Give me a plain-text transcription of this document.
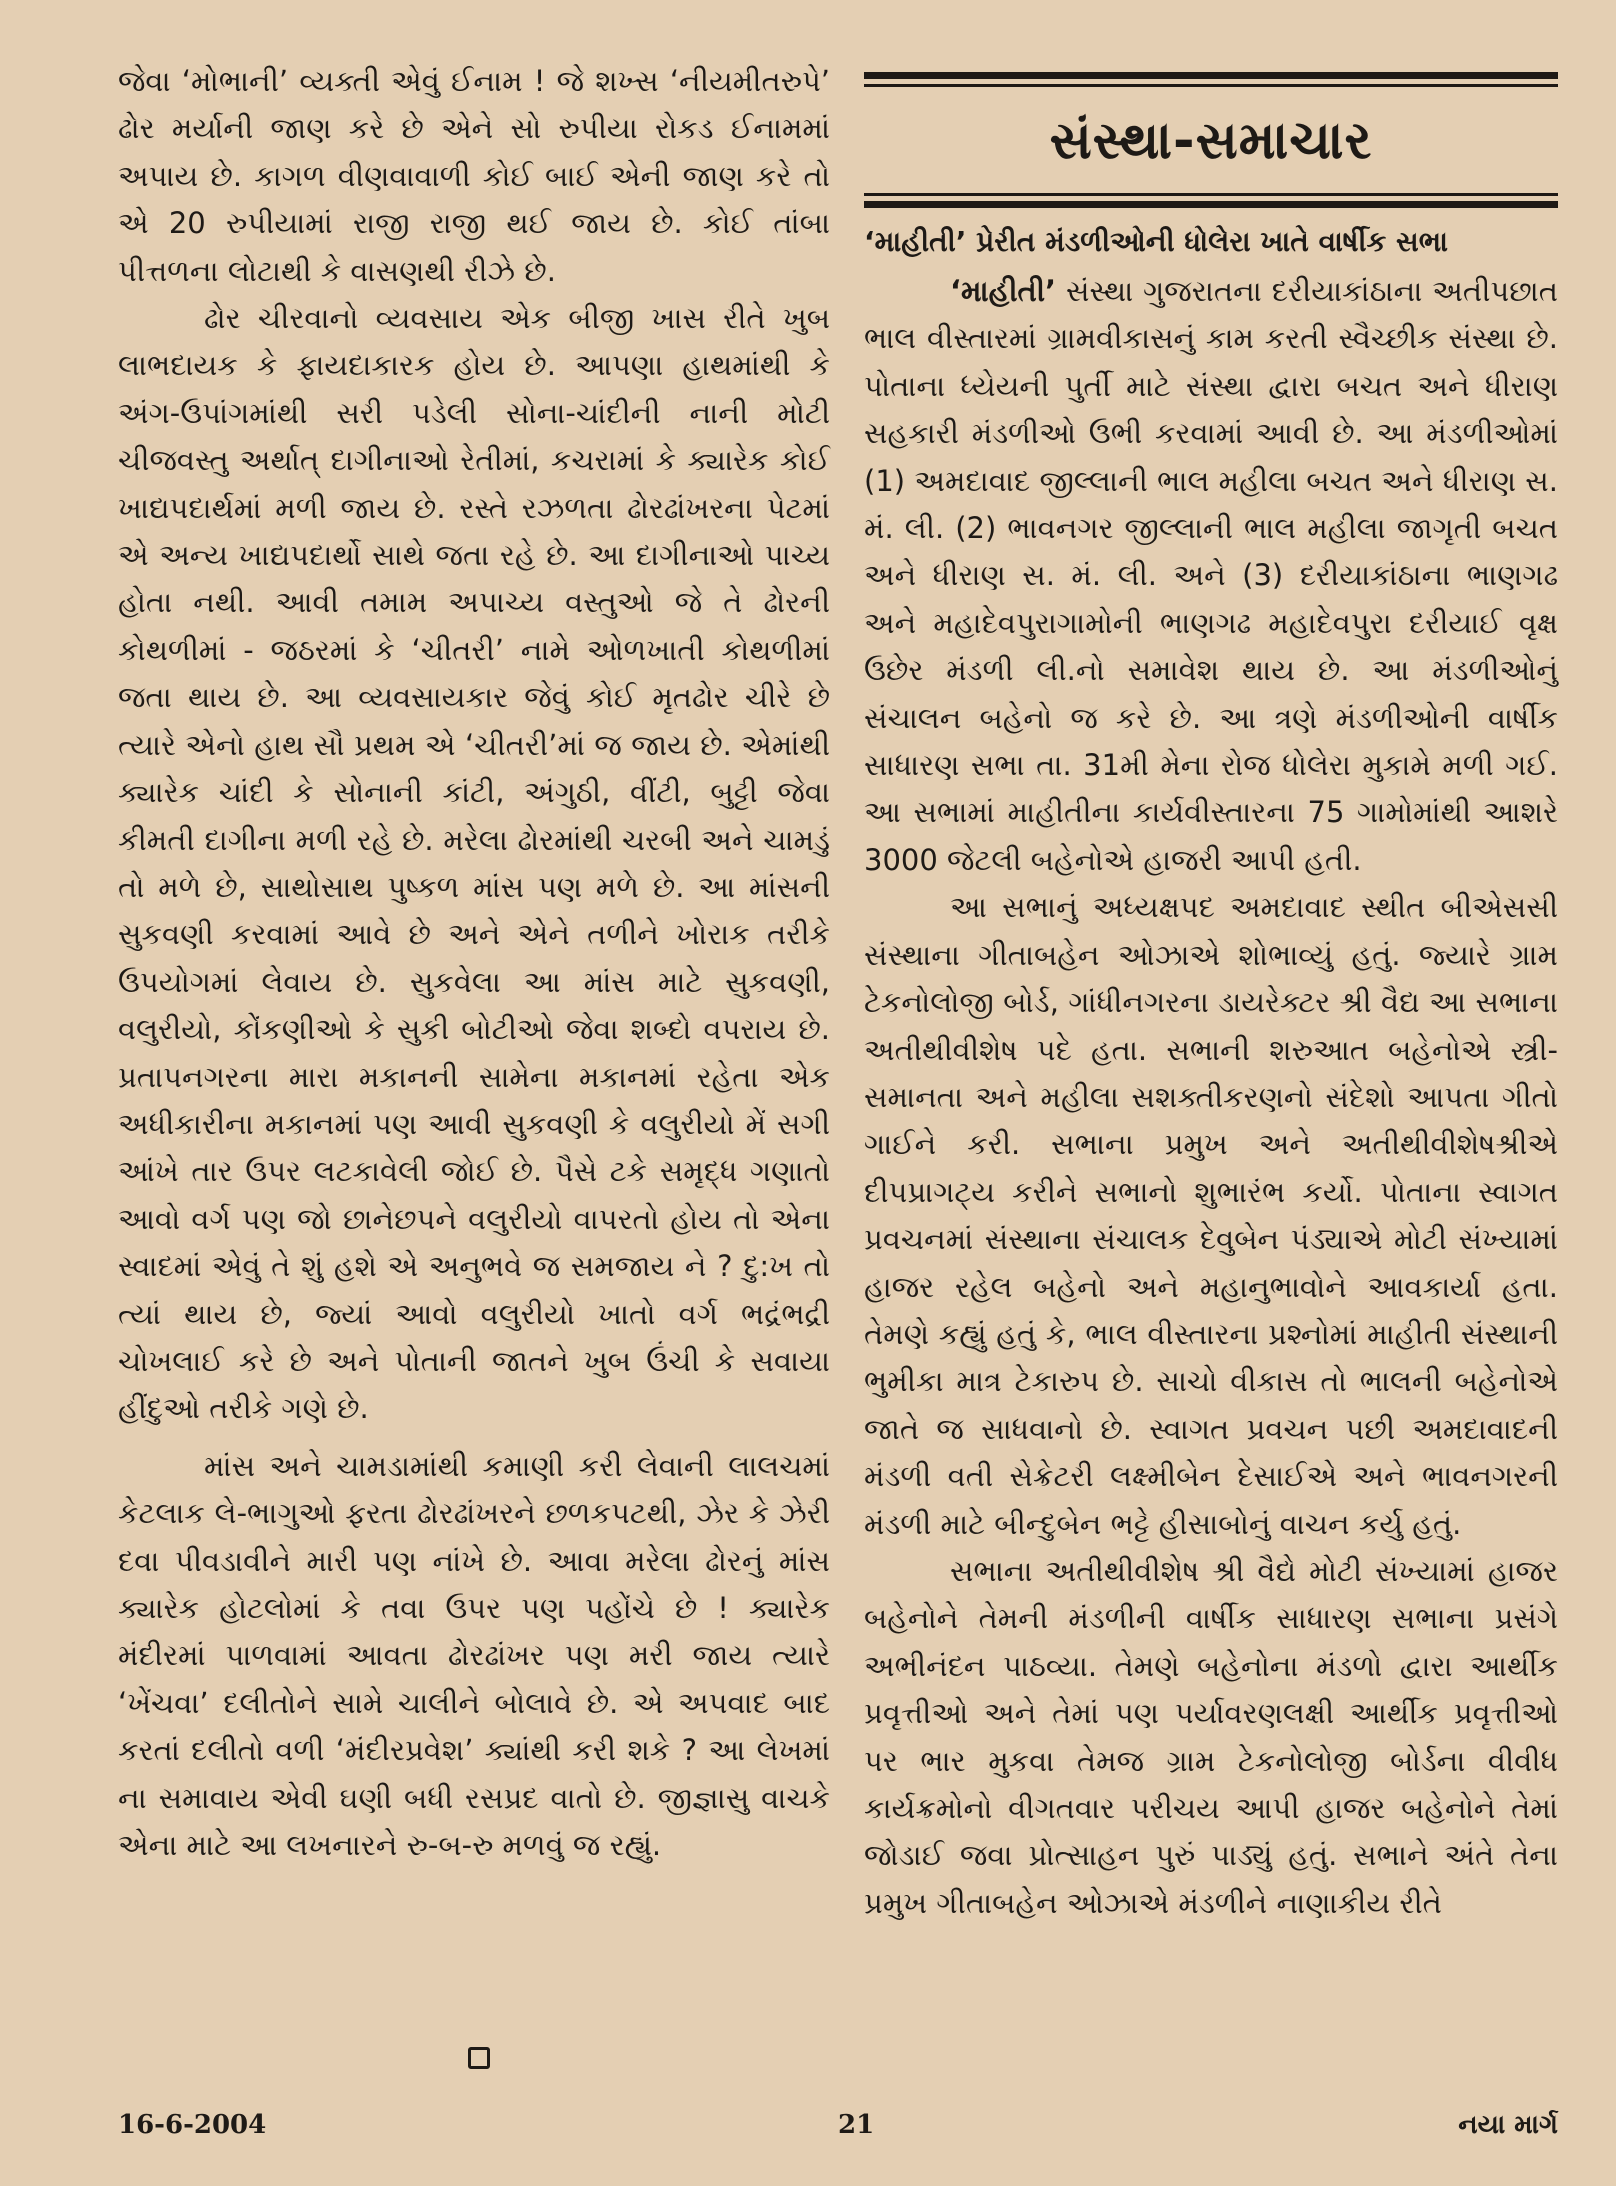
જેવા ‘મોભાની’ વ્યક્તી એવું ઈનામ ! જે શખ્સ ‘નીયમીતરુપે’ ઢોર મર્યાની જાણ કરે છે એને સો રુપીયા રોકડ ઈનામમાં અપાય છે. કાગળ વીણવાવાળી કોઈ બાઈ એની જાણ કરે તો એ 20 રુપીયામાં રાજી રાજી થઈ જાય છે. કોઈ તાંબા પીત્તળના લોટાથી કે વાસણથી રીઝે છે.

ઢોર ચીરવાનો વ્યવસાય એક બીજી ખાસ રીતે ખુબ લાભદાયક કે ફાયદાકારક હોય છે. આપણા હાથમાંથી કે અંગ-ઉપાંગમાંથી સરી પડેલી સોના-ચાંદીની નાની મોટી ચીજવસ્તુ અર્થાત્ દાગીનાઓ રેતીમાં, કચરામાં કે ક્યારેક કોઈ ખાદ્યપદાર્થમાં મળી જાય છે. રસ્તે રઝળતા ઢોરઢાંખરના પેટમાં એ અન્ય ખાદ્યપદાર્થો સાથે જતા રહે છે. આ દાગીનાઓ પાચ્ય હોતા નથી. આવી તમામ અપાચ્ય વસ્તુઓ જે તે ઢોરની કોથળીમાં - જઠરમાં કે ‘ચીતરી’ નામે ઓળખાતી કોથળીમાં જતા થાય છે. આ વ્યવસાયકાર જેવું કોઈ મૃતઢોર ચીરે છે ત્યારે એનો હાથ સૌ પ્રથમ એ ‘ચીતરી’માં જ જાય છે. એમાંથી ક્યારેક ચાંદી કે સોનાની કાંટી, અંગુઠી, વીંટી, બુટ્ટી જેવા કીમતી દાગીના મળી રહે છે. મરેલા ઢોરમાંથી ચરબી અને ચામડું તો મળે છે, સાથોસાથ પુષ્કળ માંસ પણ મળે છે. આ માંસની સુકવણી કરવામાં આવે છે અને એને તળીને ખોરાક તરીકે ઉપયોગમાં લેવાય છે. સુકવેલા આ માંસ માટે સુકવણી, વલુરીયો, કોંકણીઓ કે સુકી બોટીઓ જેવા શબ્દો વપરાય છે. પ્રતાપનગરના મારા મકાનની સામેના મકાનમાં રહેતા એક અધીકારીના મકાનમાં પણ આવી સુકવણી કે વલુરીયો મેં સગી આંખે તાર ઉપર લટકાવેલી જોઈ છે. પૈસે ટકે સમૃદ્ધ ગણાતો આવો વર્ગ પણ જો છાનેછપને વલુરીયો વાપરતો હોય તો એના સ્વાદમાં એવું તે શું હશે એ અનુભવે જ સમજાય ને ? દુ:ખ તો ત્યાં થાય છે, જ્યાં આવો વલુરીયો ખાતો વર્ગ ભદ્રંભદ્રી ચોખલાઈ કરે છે અને પોતાની જાતને ખુબ ઉંચી કે સવાયા હીંદુઓ તરીકે ગણે છે.

માંસ અને ચામડામાંથી કમાણી કરી લેવાની લાલચમાં કેટલાક લે-ભાગુઓ ફરતા ઢોરઢાંખરને છળકપટથી, ઝેર કે ઝેરી દવા પીવડાવીને મારી પણ નાંખે છે. આવા મરેલા ઢોરનું માંસ ક્યારેક હોટલોમાં કે તવા ઉપર પણ પહોંચે છે ! ક્યારેક મંદીરમાં પાળવામાં આવતા ઢોરઢાંખર પણ મરી જાય ત્યારે ‘ખેંચવા’ દલીતોને સામે ચાલીને બોલાવે છે. એ અપવાદ બાદ કરતાં દલીતો વળી ‘મંદીરપ્રવેશ’ ક્યાંથી કરી શકે ? આ લેખમાં ના સમાવાય એવી ઘણી બધી રસપ્રદ વાતો છે. જીજ્ઞાસુ વાચકે એના માટે આ લખનારને રુ-બ-રુ મળવું જ રહ્યું.

સંસ્થા-સમાચાર
‘માહીતી’ પ્રેરીત મંડળીઓની ધોલેરા ખાતે વાર્ષીક સભા

‘માહીતી’ સંસ્થા ગુજરાતના દરીયાકાંઠાના અતીપછાત ભાલ વીસ્તારમાં ગ્રામવીકાસનું કામ કરતી સ્વૈચ્છીક સંસ્થા છે. પોતાના ધ્યેયની પુર્તી માટે સંસ્થા દ્વારા બચત અને ધીરાણ સહકારી મંડળીઓ ઉભી કરવામાં આવી છે. આ મંડળીઓમાં (1) અમદાવાદ જીલ્લાની ભાલ મહીલા બચત અને ધીરાણ સ. મં. લી. (2) ભાવનગર જીલ્લાની ભાલ મહીલા જાગૃતી બચત અને ધીરાણ સ. મં. લી. અને (3) દરીયાકાંઠાના ભાણગઢ અને મહાદેવપુરાગામોની ભાણગઢ મહાદેવપુરા દરીયાઈ વૃક્ષ ઉછેર મંડળી લી.નો સમાવેશ થાય છે. આ મંડળીઓનું સંચાલન બહેનો જ કરે છે. આ ત્રણે મંડળીઓની વાર્ષીક સાધારણ સભા તા. 31મી મેના રોજ ધોલેરા મુકામે મળી ગઈ. આ સભામાં માહીતીના કાર્યવીસ્તારના 75 ગામોમાંથી આશરે 3000 જેટલી બહેનોએ હાજરી આપી હતી.

આ સભાનું અધ્યક્ષપદ અમદાવાદ સ્થીત બીએસસી સંસ્થાના ગીતાબહેન ઓઝાએ શોભાવ્યું હતું. જ્યારે ગ્રામ ટેકનોલોજી બોર્ડ, ગાંધીનગરના ડાયરેક્ટર શ્રી વૈદ્ય આ સભાના અતીથીવીશેષ પદે હતા. સભાની શરુઆત બહેનોએ સ્ત્રી-સમાનતા અને મહીલા સશક્તીકરણનો સંદેશો આપતા ગીતો ગાઈને કરી. સભાના પ્રમુખ અને અતીથીવીશેષશ્રીએ દીપપ્રાગટ્ય કરીને સભાનો શુભારંભ કર્યો. પોતાના સ્વાગત પ્રવચનમાં સંસ્થાના સંચાલક દેવુબેન પંડ્યાએ મોટી સંખ્યામાં હાજર રહેલ બહેનો અને મહાનુભાવોને આવકાર્યા હતા. તેમણે કહ્યું હતું કે, ભાલ વીસ્તારના પ્રશ્નોમાં માહીતી સંસ્થાની ભુમીકા માત્ર ટેકારુપ છે. સાચો વીકાસ તો ભાલની બહેનોએ જાતે જ સાધવાનો છે. સ્વાગત પ્રવચન પછી અમદાવાદની મંડળી વતી સેક્રેટરી લક્ષ્મીબેન દેસાઈએ અને ભાવનગરની મંડળી માટે બીન્દુબેન ભટ્ટે હીસાબોનું વાચન કર્યુ હતું.

સભાના અતીથીવીશેષ શ્રી વૈદ્યે મોટી સંખ્યામાં હાજર બહેનોને તેમની મંડળીની વાર્ષીક સાધારણ સભાના પ્રસંગે અભીનંદન પાઠવ્યા. તેમણે બહેનોના મંડળો દ્વારા આર્થીક પ્રવૃત્તીઓ અને તેમાં પણ પર્યાવરણલક્ષી આર્થીક પ્રવૃત્તીઓ પર ભાર મુકવા તેમજ ગ્રામ ટેકનોલોજી બોર્ડના વીવીધ કાર્યક્રમોનો વીગતવાર પરીચય આપી હાજર બહેનોને તેમાં જોડાઈ જવા પ્રોત્સાહન પુરું પાડ્યું હતું. સભાને અંતે તેના પ્રમુખ ગીતાબહેન ઓઝાએ મંડળીને નાણાકીય રીતે

16-6-2004	21	નયા માર્ગ
